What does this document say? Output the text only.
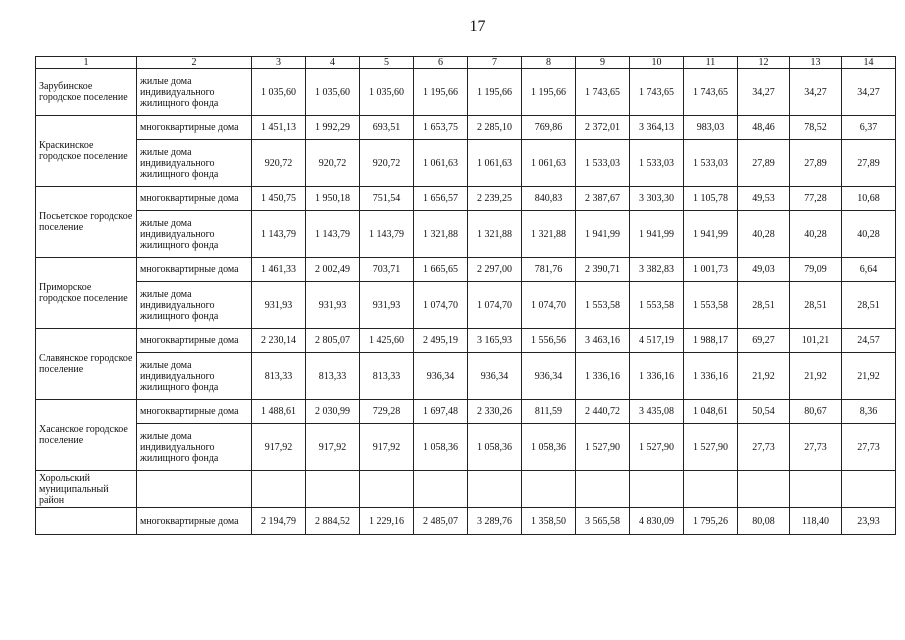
17
1	2	3	4	5	6	7	8	9	10	11	12	13	14
Зарубинское городское поселение	жилые дома индивидуального жилищного фонда	1 035,60	1 035,60	1 035,60	1 195,66	1 195,66	1 195,66	1 743,65	1 743,65	1 743,65	34,27	34,27	34,27
Краскинское городское поселение	многоквартирные дома	1 451,13	1 992,29	693,51	1 653,75	2 285,10	769,86	2 372,01	3 364,13	983,03	48,46	78,52	6,37
	жилые дома индивидуального жилищного фонда	920,72	920,72	920,72	1 061,63	1 061,63	1 061,63	1 533,03	1 533,03	1 533,03	27,89	27,89	27,89
Посьетское городское поселение	многоквартирные дома	1 450,75	1 950,18	751,54	1 656,57	2 239,25	840,83	2 387,67	3 303,30	1 105,78	49,53	77,28	10,68
	жилые дома индивидуального жилищного фонда	1 143,79	1 143,79	1 143,79	1 321,88	1 321,88	1 321,88	1 941,99	1 941,99	1 941,99	40,28	40,28	40,28
Приморское городское поселение	многоквартирные дома	1 461,33	2 002,49	703,71	1 665,65	2 297,00	781,76	2 390,71	3 382,83	1 001,73	49,03	79,09	6,64
	жилые дома индивидуального жилищного фонда	931,93	931,93	931,93	1 074,70	1 074,70	1 074,70	1 553,58	1 553,58	1 553,58	28,51	28,51	28,51
Славянское городское поселение	многоквартирные дома	2 230,14	2 805,07	1 425,60	2 495,19	3 165,93	1 556,56	3 463,16	4 517,19	1 988,17	69,27	101,21	24,57
	жилые дома индивидуального жилищного фонда	813,33	813,33	813,33	936,34	936,34	936,34	1 336,16	1 336,16	1 336,16	21,92	21,92	21,92
Хасанское городское поселение	многоквартирные дома	1 488,61	2 030,99	729,28	1 697,48	2 330,26	811,59	2 440,72	3 435,08	1 048,61	50,54	80,67	8,36
	жилые дома индивидуального жилищного фонда	917,92	917,92	917,92	1 058,36	1 058,36	1 058,36	1 527,90	1 527,90	1 527,90	27,73	27,73	27,73
Хорольский муниципальный район													
	многоквартирные дома	2 194,79	2 884,52	1 229,16	2 485,07	3 289,76	1 358,50	3 565,58	4 830,09	1 795,26	80,08	118,40	23,93
